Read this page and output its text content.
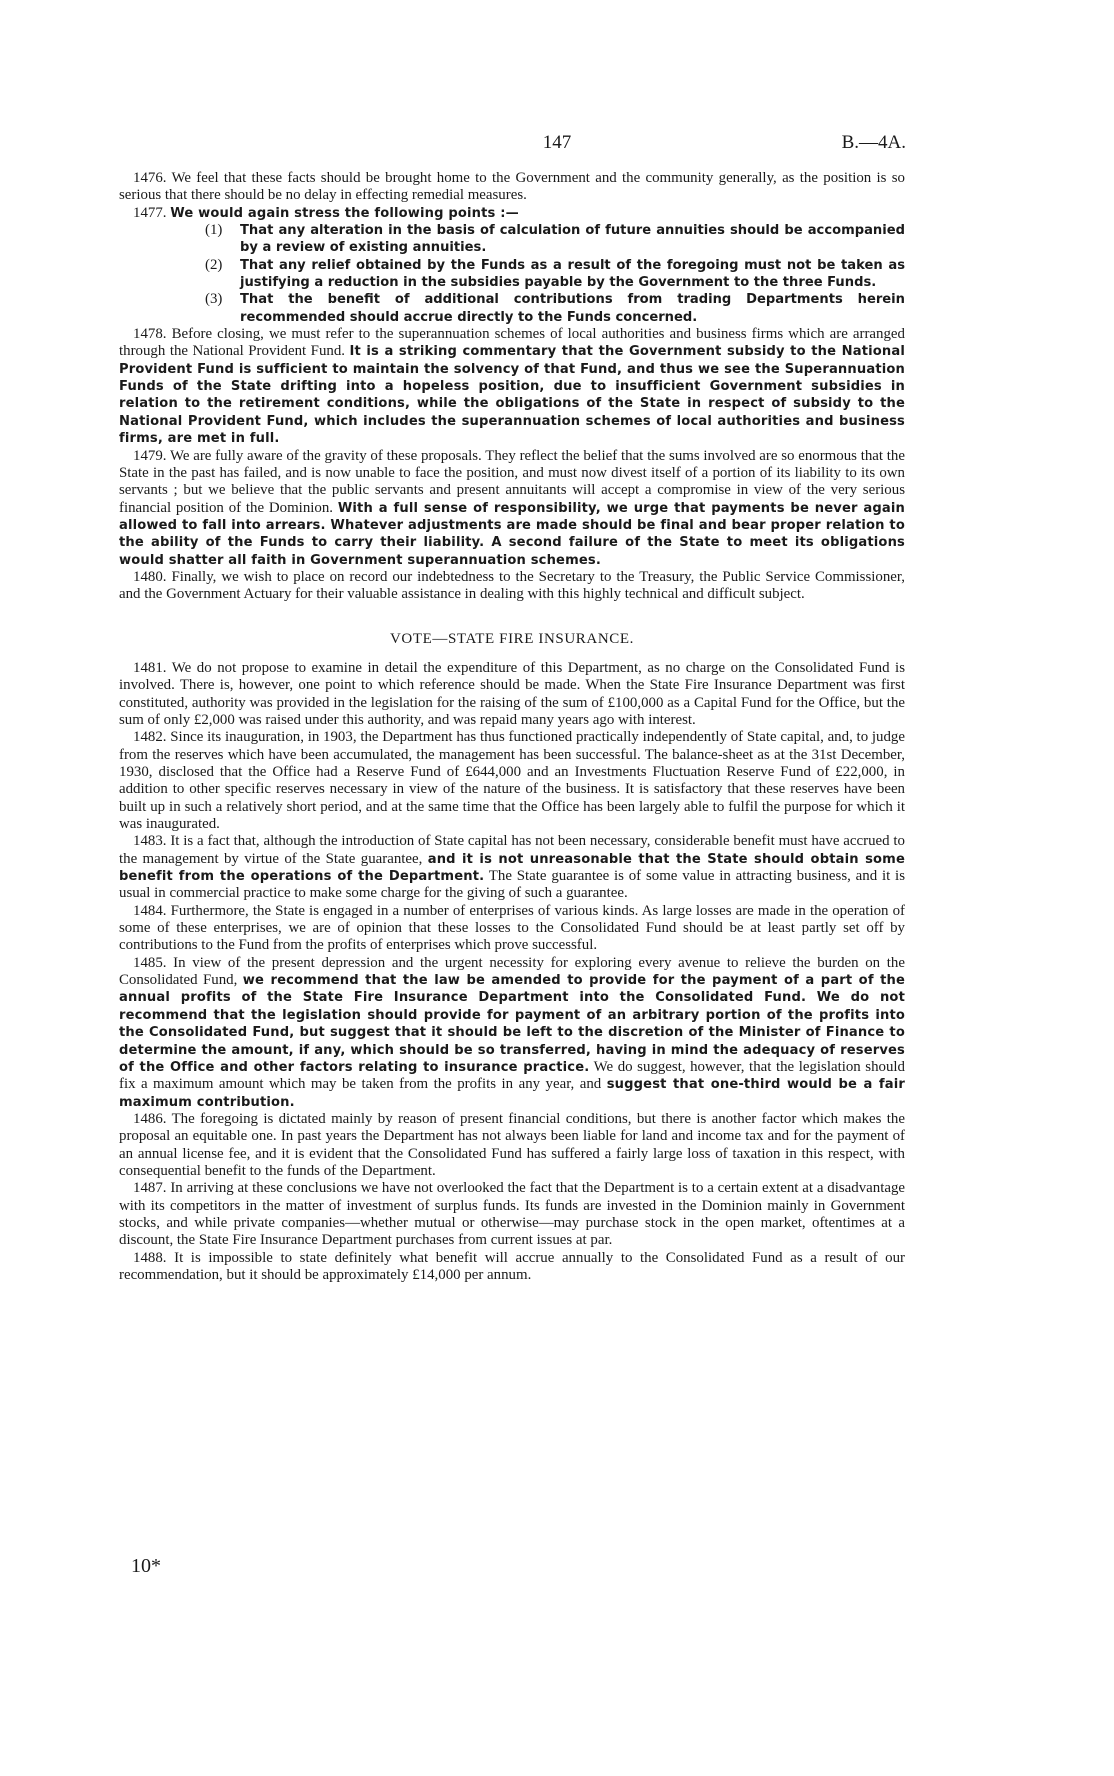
147	B.—4A.

1476. We feel that these facts should be brought home to the Government and the community generally, as the position is so serious that there should be no delay in effecting remedial measures.

1477. We would again stress the following points :—

(1) That any alteration in the basis of calculation of future annuities should be accompanied by a review of existing annuities.
(2) That any relief obtained by the Funds as a result of the foregoing must not be taken as justifying a reduction in the subsidies payable by the Government to the three Funds.
(3) That the benefit of additional contributions from trading Departments herein recommended should accrue directly to the Funds concerned.

1478. Before closing, we must refer to the superannuation schemes of local authorities and business firms which are arranged through the National Provident Fund. It is a striking commentary that the Government subsidy to the National Provident Fund is sufficient to maintain the solvency of that Fund, and thus we see the Superannuation Funds of the State drifting into a hopeless position, due to insufficient Government subsidies in relation to the retirement conditions, while the obligations of the State in respect of subsidy to the National Provident Fund, which includes the superannuation schemes of local authorities and business firms, are met in full.

1479. We are fully aware of the gravity of these proposals. They reflect the belief that the sums involved are so enormous that the State in the past has failed, and is now unable to face the position, and must now divest itself of a portion of its liability to its own servants ; but we believe that the public servants and present annuitants will accept a compromise in view of the very serious financial position of the Dominion. With a full sense of responsibility, we urge that payments be never again allowed to fall into arrears. Whatever adjustments are made should be final and bear proper relation to the ability of the Funds to carry their liability. A second failure of the State to meet its obligations would shatter all faith in Government superannuation schemes.

1480. Finally, we wish to place on record our indebtedness to the Secretary to the Treasury, the Public Service Commissioner, and the Government Actuary for their valuable assistance in dealing with this highly technical and difficult subject.

VOTE—STATE FIRE INSURANCE.

1481. We do not propose to examine in detail the expenditure of this Department, as no charge on the Consolidated Fund is involved. There is, however, one point to which reference should be made. When the State Fire Insurance Department was first constituted, authority was provided in the legislation for the raising of the sum of £100,000 as a Capital Fund for the Office, but the sum of only £2,000 was raised under this authority, and was repaid many years ago with interest.

1482. Since its inauguration, in 1903, the Department has thus functioned practically independently of State capital, and, to judge from the reserves which have been accumulated, the management has been successful. The balance-sheet as at the 31st December, 1930, disclosed that the Office had a Reserve Fund of £644,000 and an Investments Fluctuation Reserve Fund of £22,000, in addition to other specific reserves necessary in view of the nature of the business. It is satisfactory that these reserves have been built up in such a relatively short period, and at the same time that the Office has been largely able to fulfil the purpose for which it was inaugurated.

1483. It is a fact that, although the introduction of State capital has not been necessary, considerable benefit must have accrued to the management by virtue of the State guarantee, and it is not unreasonable that the State should obtain some benefit from the operations of the Department. The State guarantee is of some value in attracting business, and it is usual in commercial practice to make some charge for the giving of such a guarantee.

1484. Furthermore, the State is engaged in a number of enterprises of various kinds. As large losses are made in the operation of some of these enterprises, we are of opinion that these losses to the Consolidated Fund should be at least partly set off by contributions to the Fund from the profits of enterprises which prove successful.

1485. In view of the present depression and the urgent necessity for exploring every avenue to relieve the burden on the Consolidated Fund, we recommend that the law be amended to provide for the payment of a part of the annual profits of the State Fire Insurance Department into the Consolidated Fund. We do not recommend that the legislation should provide for payment of an arbitrary portion of the profits into the Consolidated Fund, but suggest that it should be left to the discretion of the Minister of Finance to determine the amount, if any, which should be so transferred, having in mind the adequacy of reserves of the Office and other factors relating to insurance practice. We do suggest, however, that the legislation should fix a maximum amount which may be taken from the profits in any year, and suggest that one-third would be a fair maximum contribution.

1486. The foregoing is dictated mainly by reason of present financial conditions, but there is another factor which makes the proposal an equitable one. In past years the Department has not always been liable for land and income tax and for the payment of an annual license fee, and it is evident that the Consolidated Fund has suffered a fairly large loss of taxation in this respect, with consequential benefit to the funds of the Department.

1487. In arriving at these conclusions we have not overlooked the fact that the Department is to a certain extent at a disadvantage with its competitors in the matter of investment of surplus funds. Its funds are invested in the Dominion mainly in Government stocks, and while private companies—whether mutual or otherwise—may purchase stock in the open market, oftentimes at a discount, the State Fire Insurance Department purchases from current issues at par.

1488. It is impossible to state definitely what benefit will accrue annually to the Consolidated Fund as a result of our recommendation, but it should be approximately £14,000 per annum.

10*
